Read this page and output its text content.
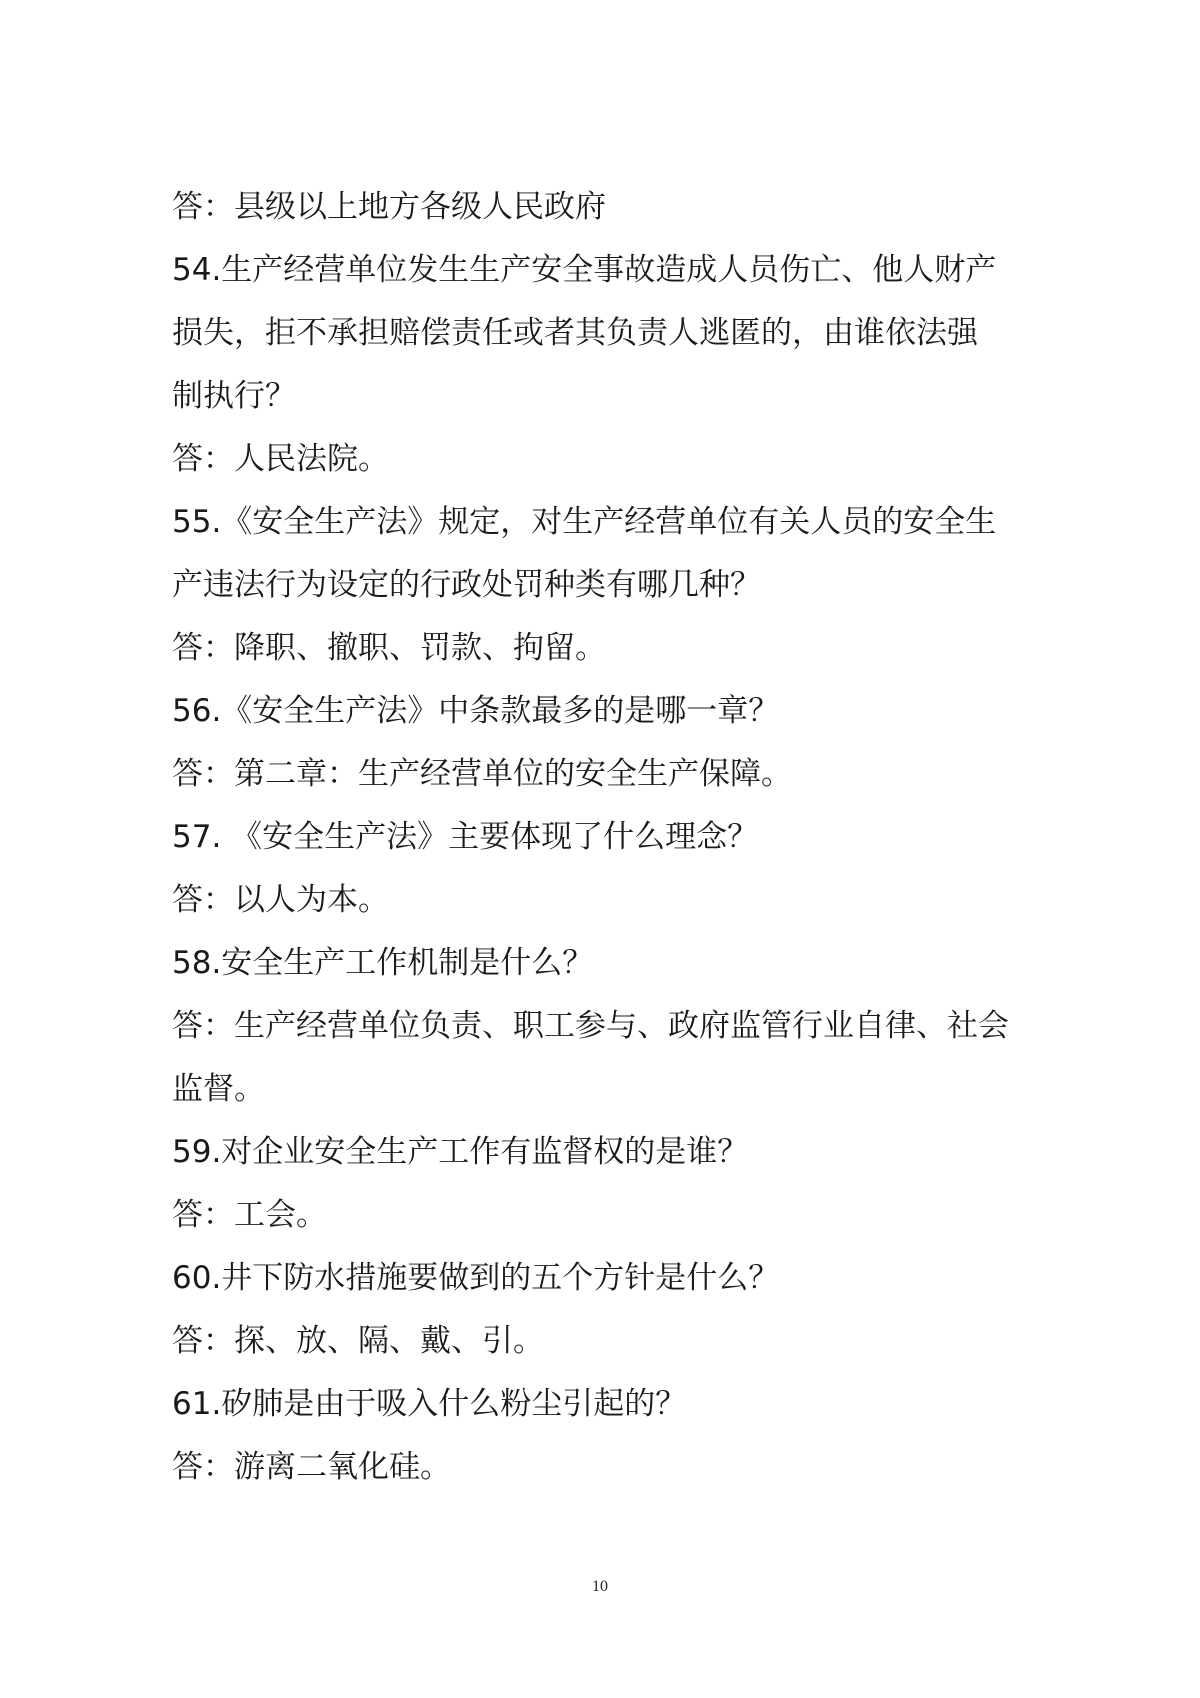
答：县级以上地方各级人民政府
54.生产经营单位发生生产安全事故造成人员伤亡、他人财产
损失，拒不承担赔偿责任或者其负责人逃匿的，由谁依法强
制执行？
答：人民法院。
55.《安全生产法》规定，对生产经营单位有关人员的安全生
产违法行为设定的行政处罚种类有哪几种？
答：降职、撤职、罚款、拘留。
56.《安全生产法》中条款最多的是哪一章？
答：第二章：生产经营单位的安全生产保障。
57. 《安全生产法》主要体现了什么理念？
答：以人为本。
58.安全生产工作机制是什么？
答：生产经营单位负责、职工参与、政府监管行业自律、社会
监督。
59.对企业安全生产工作有监督权的是谁？
答：工会。
60.井下防水措施要做到的五个方针是什么？
答：探、放、隔、戴、引。
61.矽肺是由于吸入什么粉尘引起的？
答：游离二氧化硅。
10
